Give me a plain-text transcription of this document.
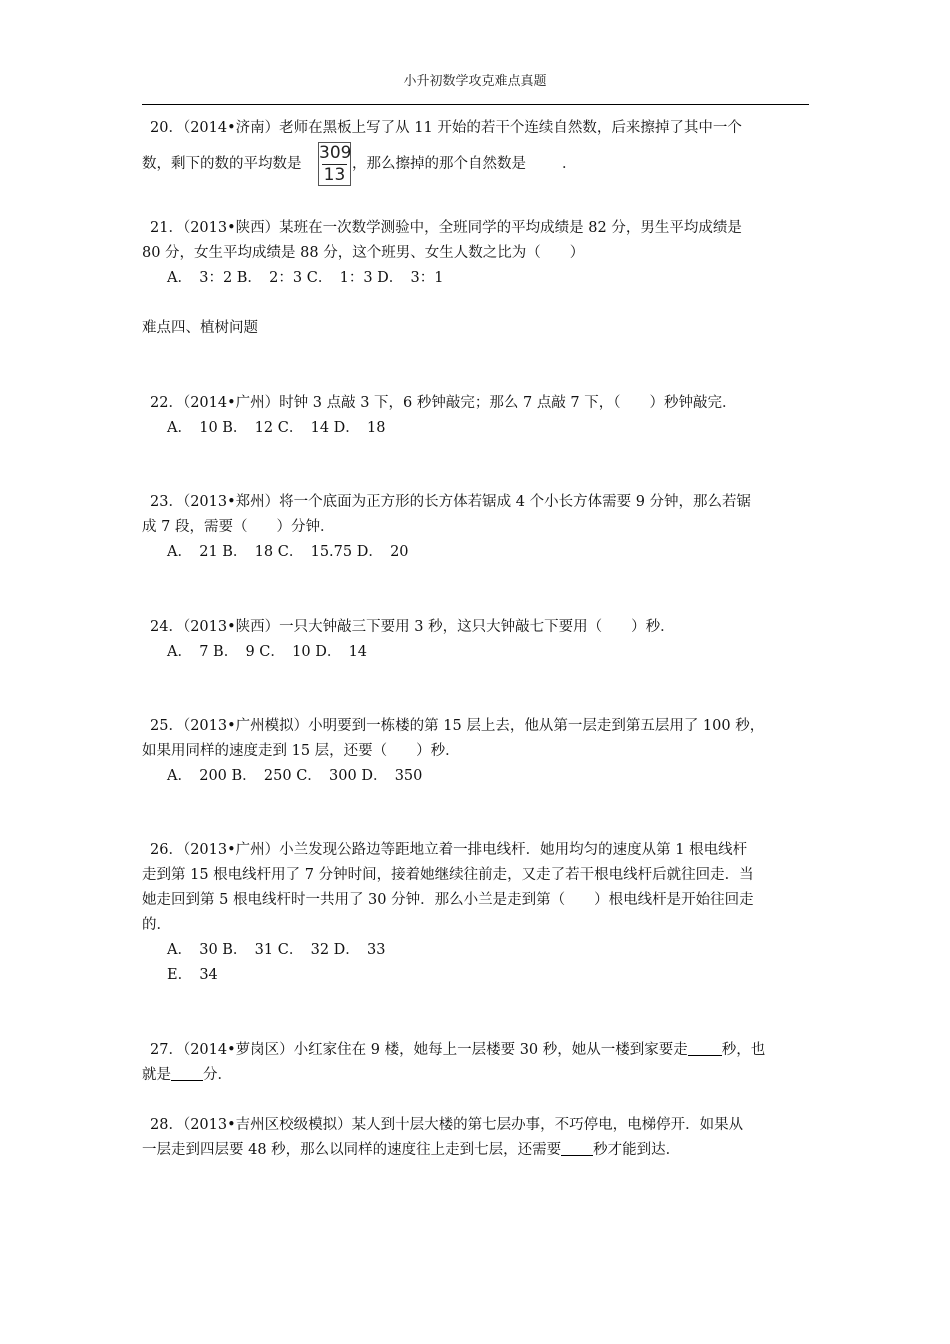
小升初数学攻克难点真题
20．（2014•济南）老师在黑板上写了从 11 开始的若干个连续自然数，后来擦掉了其中一个
数，剩下的数的平均数是
309
13
，那么擦掉的那个自然数是 ．
21．（2013•陕西）某班在一次数学测验中，全班同学的平均成绩是 82 分，男生平均成绩是
80 分，女生平均成绩是 88 分，这个班男、女生人数之比为（　　）
A．　3：2 B．　2：3 C．　1：3 D．　3：1
难点四、植树问题
22．（2014•广州）时钟 3 点敲 3 下，6 秒钟敲完；那么 7 点敲 7 下，（　　）秒钟敲完．
A．　10 B．　12 C．　14 D．　18
23．（2013•郑州）将一个底面为正方形的长方体若锯成 4 个小长方体需要 9 分钟，那么若锯
成 7 段，需要（　　）分钟．
A．　21 B．　18 C．　15.75 D．　20
24．（2013•陕西）一只大钟敲三下要用 3 秒，这只大钟敲七下要用（　　）秒．
A．　7 B．　9 C．　10 D．　14
25．（2013•广州模拟）小明要到一栋楼的第 15 层上去，他从第一层走到第五层用了 100 秒，
如果用同样的速度走到 15 层，还要（　　）秒．
A．　200 B．　250 C．　300 D．　350
26．（2013•广州）小兰发现公路边等距地立着一排电线杆．她用均匀的速度从第 1 根电线杆
走到第 15 根电线杆用了 7 分钟时间，接着她继续往前走，又走了若干根电线杆后就往回走．当
她走回到第 5 根电线杆时一共用了 30 分钟．那么小兰是走到第（　　）根电线杆是开始往回走
的．
A．　30 B．　31 C．　32 D．　33
E．　34
27．（2014•萝岗区）小红家住在 9 楼，她每上一层楼要 30 秒，她从一楼到家要走 秒，也
就是 分．
28．（2013•吉州区校级模拟）某人到十层大楼的第七层办事，不巧停电，电梯停开．如果从
一层走到四层要 48 秒，那么以同样的速度往上走到七层，还需要 秒才能到达．
